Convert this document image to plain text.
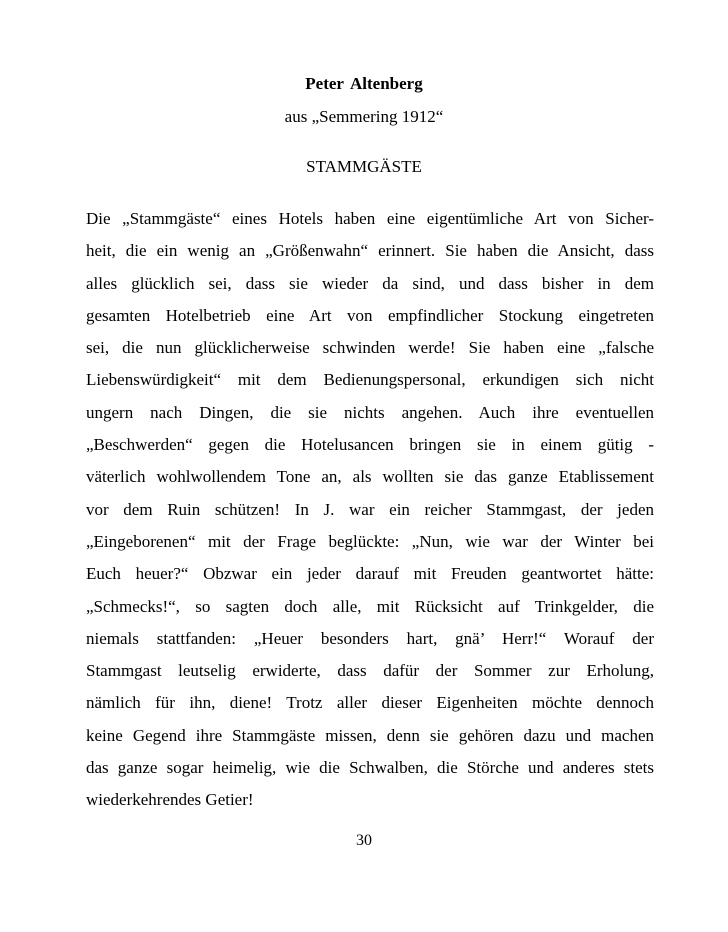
Peter Altenberg
aus „Semmering 1912“
STAMMGÄSTE
Die „Stammgäste“ eines Hotels haben eine eigentümliche Art von Sicher-
heit, die ein wenig an „Größenwahn“ erinnert. Sie haben die Ansicht, dass
alles glücklich sei, dass sie wieder da sind, und dass bisher in dem
gesamten Hotelbetrieb eine Art von empfindlicher Stockung eingetreten
sei, die nun glücklicherweise schwinden werde! Sie haben eine „falsche
Liebenswürdigkeit“ mit dem Bedienungspersonal, erkundigen sich nicht
ungern nach Dingen, die sie nichts angehen. Auch ihre eventuellen
„Beschwerden“ gegen die Hotelusancen bringen sie in einem gütig -
väterlich wohlwollendem Tone an, als wollten sie das ganze Etablissement
vor dem Ruin schützen! In J. war ein reicher Stammgast, der jeden
„Eingeborenen“ mit der Frage beglückte: „Nun, wie war der Winter bei
Euch heuer?“ Obzwar ein jeder darauf mit Freuden geantwortet hätte:
„Schmecks!“, so sagten doch alle, mit Rücksicht auf Trinkgelder, die
niemals stattfanden: „Heuer besonders hart, gnä’ Herr!“ Worauf der
Stammgast leutselig erwiderte, dass dafür der Sommer zur Erholung,
nämlich für ihn, diene! Trotz aller dieser Eigenheiten möchte dennoch
keine Gegend ihre Stammgäste missen, denn sie gehören dazu und machen
das ganze sogar heimelig, wie die Schwalben, die Störche und anderes stets
wiederkehrendes Getier!
30
